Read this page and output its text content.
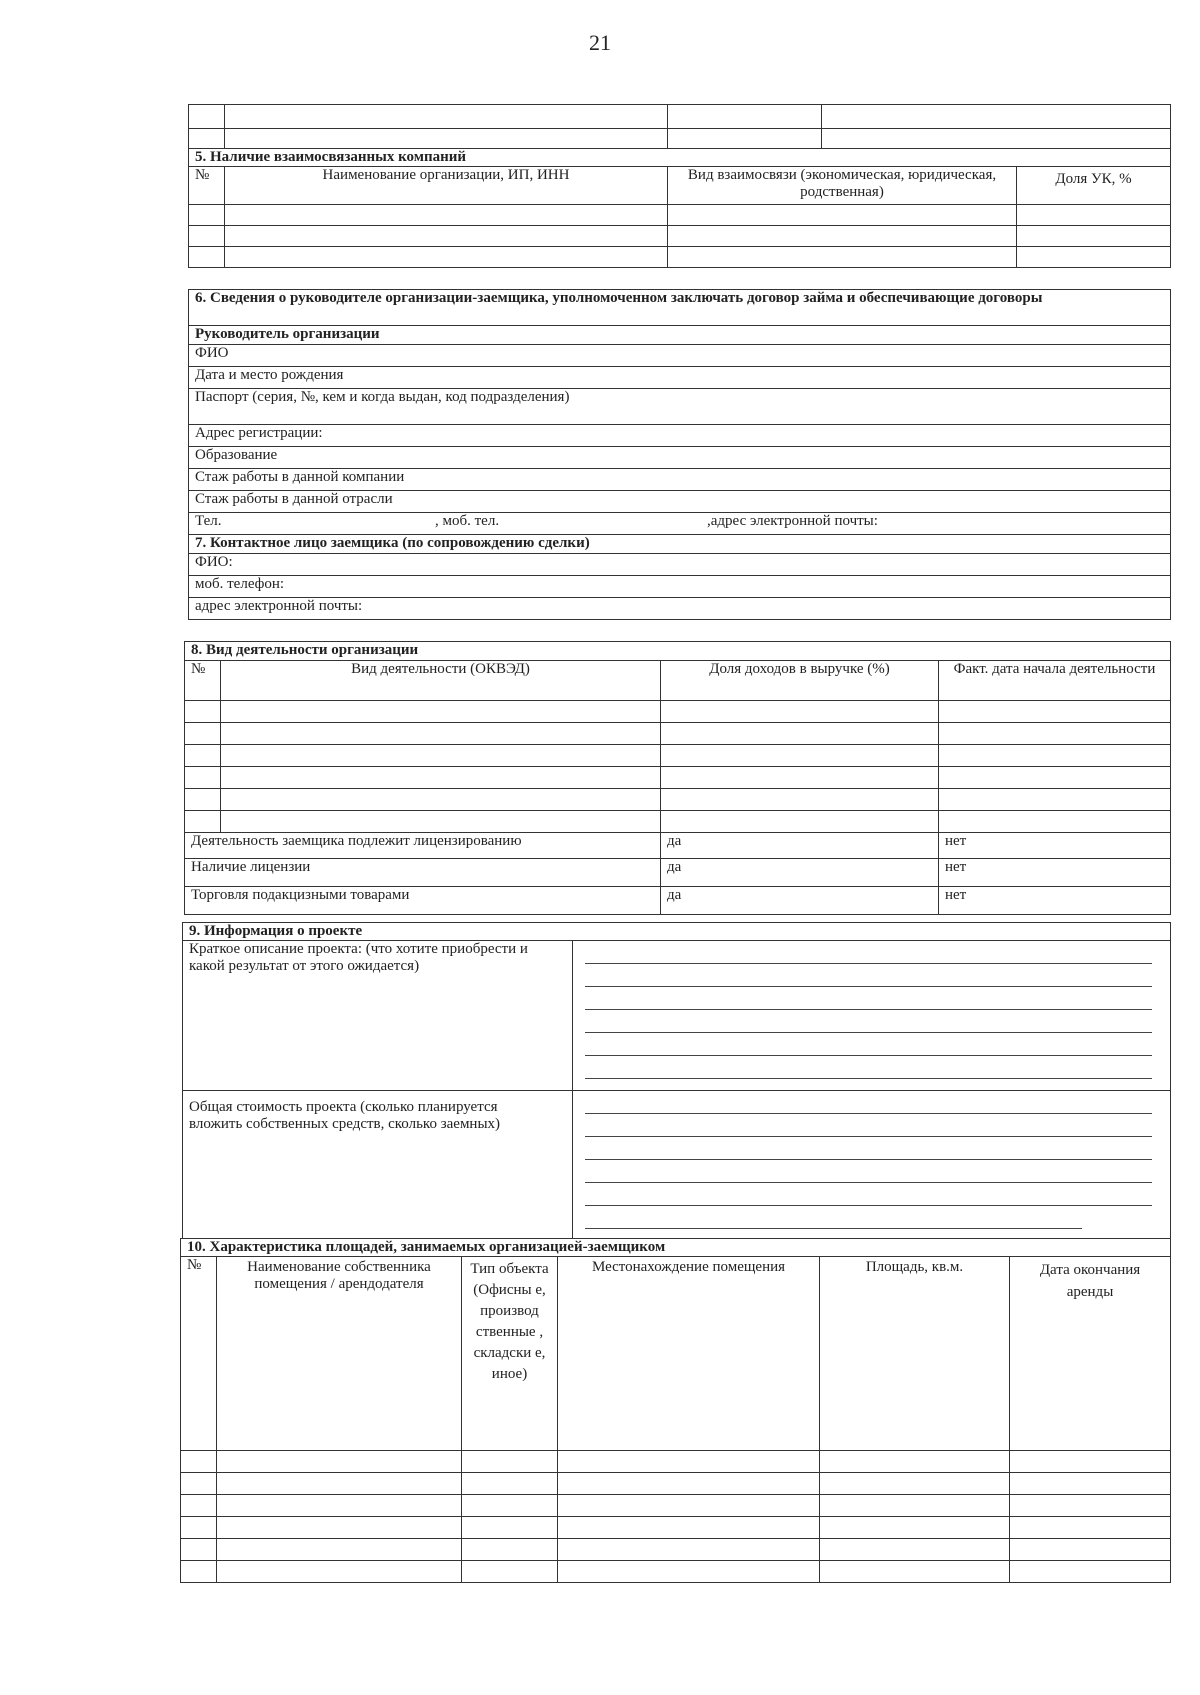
21

5. Наличие взаимосвязанных компаний				
№	Наименование организации, ИП, ИНН	Вид взаимосвязи (экономическая, юридическая, родственная)		Доля УК, %

6. Сведения о руководителе организации-заемщика, уполномоченном заключать договор займа и обеспечивающие договоры
Руководитель организации
ФИО
Дата и место рождения
Паспорт (серия, №, кем и когда выдан, код подразделения)
Адрес регистрации:
Образование
Стаж работы в данной компании
Стаж работы в данной отрасли
Тел.	, моб. тел.	,адрес электронной почты:
7. Контактное лицо заемщика (по сопровождению сделки)
ФИО:
моб. телефон:
адрес электронной почты:
8. Вид деятельности организации			
№	Вид деятельности (ОКВЭД)	Доля доходов в выручке (%)	Факт. дата начала деятельности

Деятельность заемщика подлежит лицензированию		да	нет
Наличие лицензии		да	нет
Торговля подакцизными товарами		да	нет
9. Информация о проекте	
Краткое описание проекта: (что хотите приобрести и какой результат от этого ожидается)	

Общая стоимость проекта (сколько планируется вложить собственных средств, сколько заемных)	
10. Характеристика площадей, занимаемых организацией-заемщиком					
№	Наименование собственника помещения / арендодателя	Тип объекта (Офисны е, производ ственные , складски е, иное)	Местонахождение помещения	Площадь, кв.м.	Дата окончания аренды
